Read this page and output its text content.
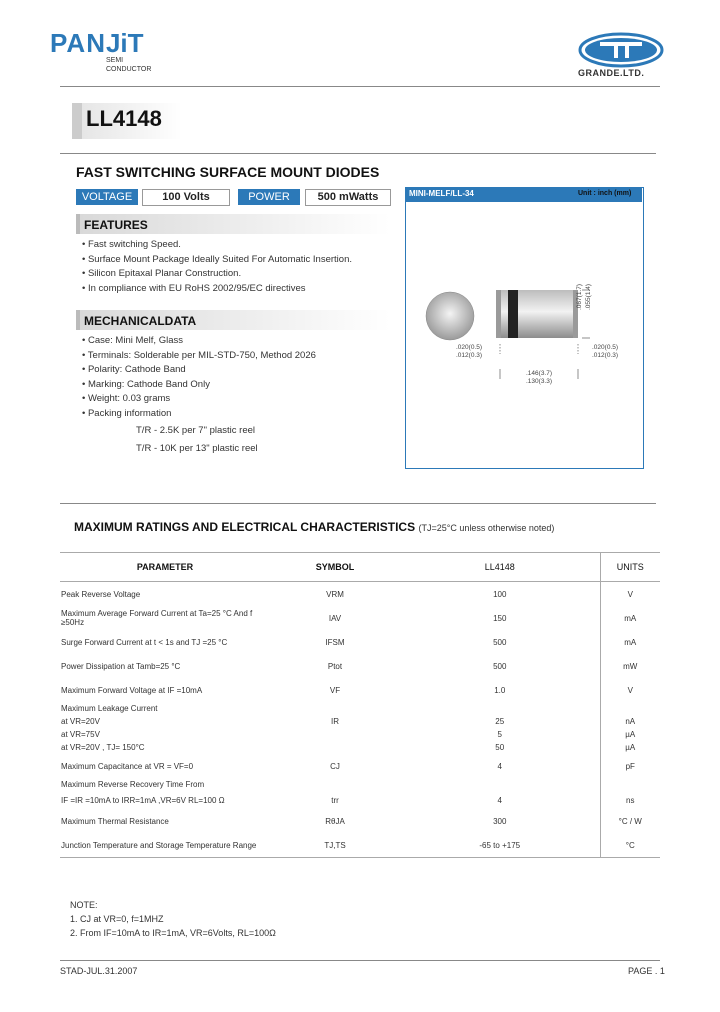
PANJiT
SEMI
CONDUCTOR	GRANDE.LTD.
LL4148
FAST SWITCHING SURFACE MOUNT DIODES
VOLTAGE	100 Volts	POWER	500 mWatts
FEATURES
• Fast switching Speed.
• Surface Mount Package Ideally Suited For Automatic Insertion.
• Silicon Epitaxal Planar Construction.
• In compliance with EU RoHS 2002/95/EC directives
MECHANICALDATA
• Case: Mini Melf, Glass
• Terminals: Solderable per MIL-STD-750, Method 2026
• Polarity: Cathode Band
• Marking: Cathode Band Only
• Weight: 0.03 grams
• Packing information
T/R - 2.5K per 7" plastic reel
T/R - 10K per 13" plastic reel
MINI-MELF/LL-34	Unit : inch (mm)
.020(0.5)
.012(0.3)
.020(0.5)
.012(0.3)
.146(3.7)
.130(3.3)
.067(1.7) .055(1.4)
MAXIMUM RATINGS AND ELECTRICAL CHARACTERISTICS (TJ=25°C unless otherwise noted)
PARAMETER	SYMBOL	LL4148	UNITS
Peak Reverse Voltage	VRM	100	V
Maximum Average Forward Current at Ta=25 °C And f ≥50Hz	IAV	150	mA
Surge Forward Current at t < 1s and TJ =25 °C	IFSM	500	mA
Power Dissipation at Tamb=25 °C	Ptot	500	mW
Maximum Forward Voltage at IF =10mA	VF	1.0	V
Maximum Leakage Current			
at VR=20V	IR	25	nA
at VR=75V		5	µA
at VR=20V , TJ= 150°C		50	µA
Maximum Capacitance at VR = VF=0	CJ	4	pF
Maximum Reverse Recovery Time From			
IF =IR =10mA to IRR=1mA ,VR=6V RL=100 Ω	trr	4	ns
Maximum Thermal Resistance	RθJA	300	°C / W
Junction Temperature and Storage Temperature Range	TJ,TS	-65 to +175	°C
NOTE:
1. CJ at VR=0, f=1MHZ
2. From IF=10mA to IR=1mA, VR=6Volts, RL=100Ω
STAD-JUL.31.2007	PAGE . 1
